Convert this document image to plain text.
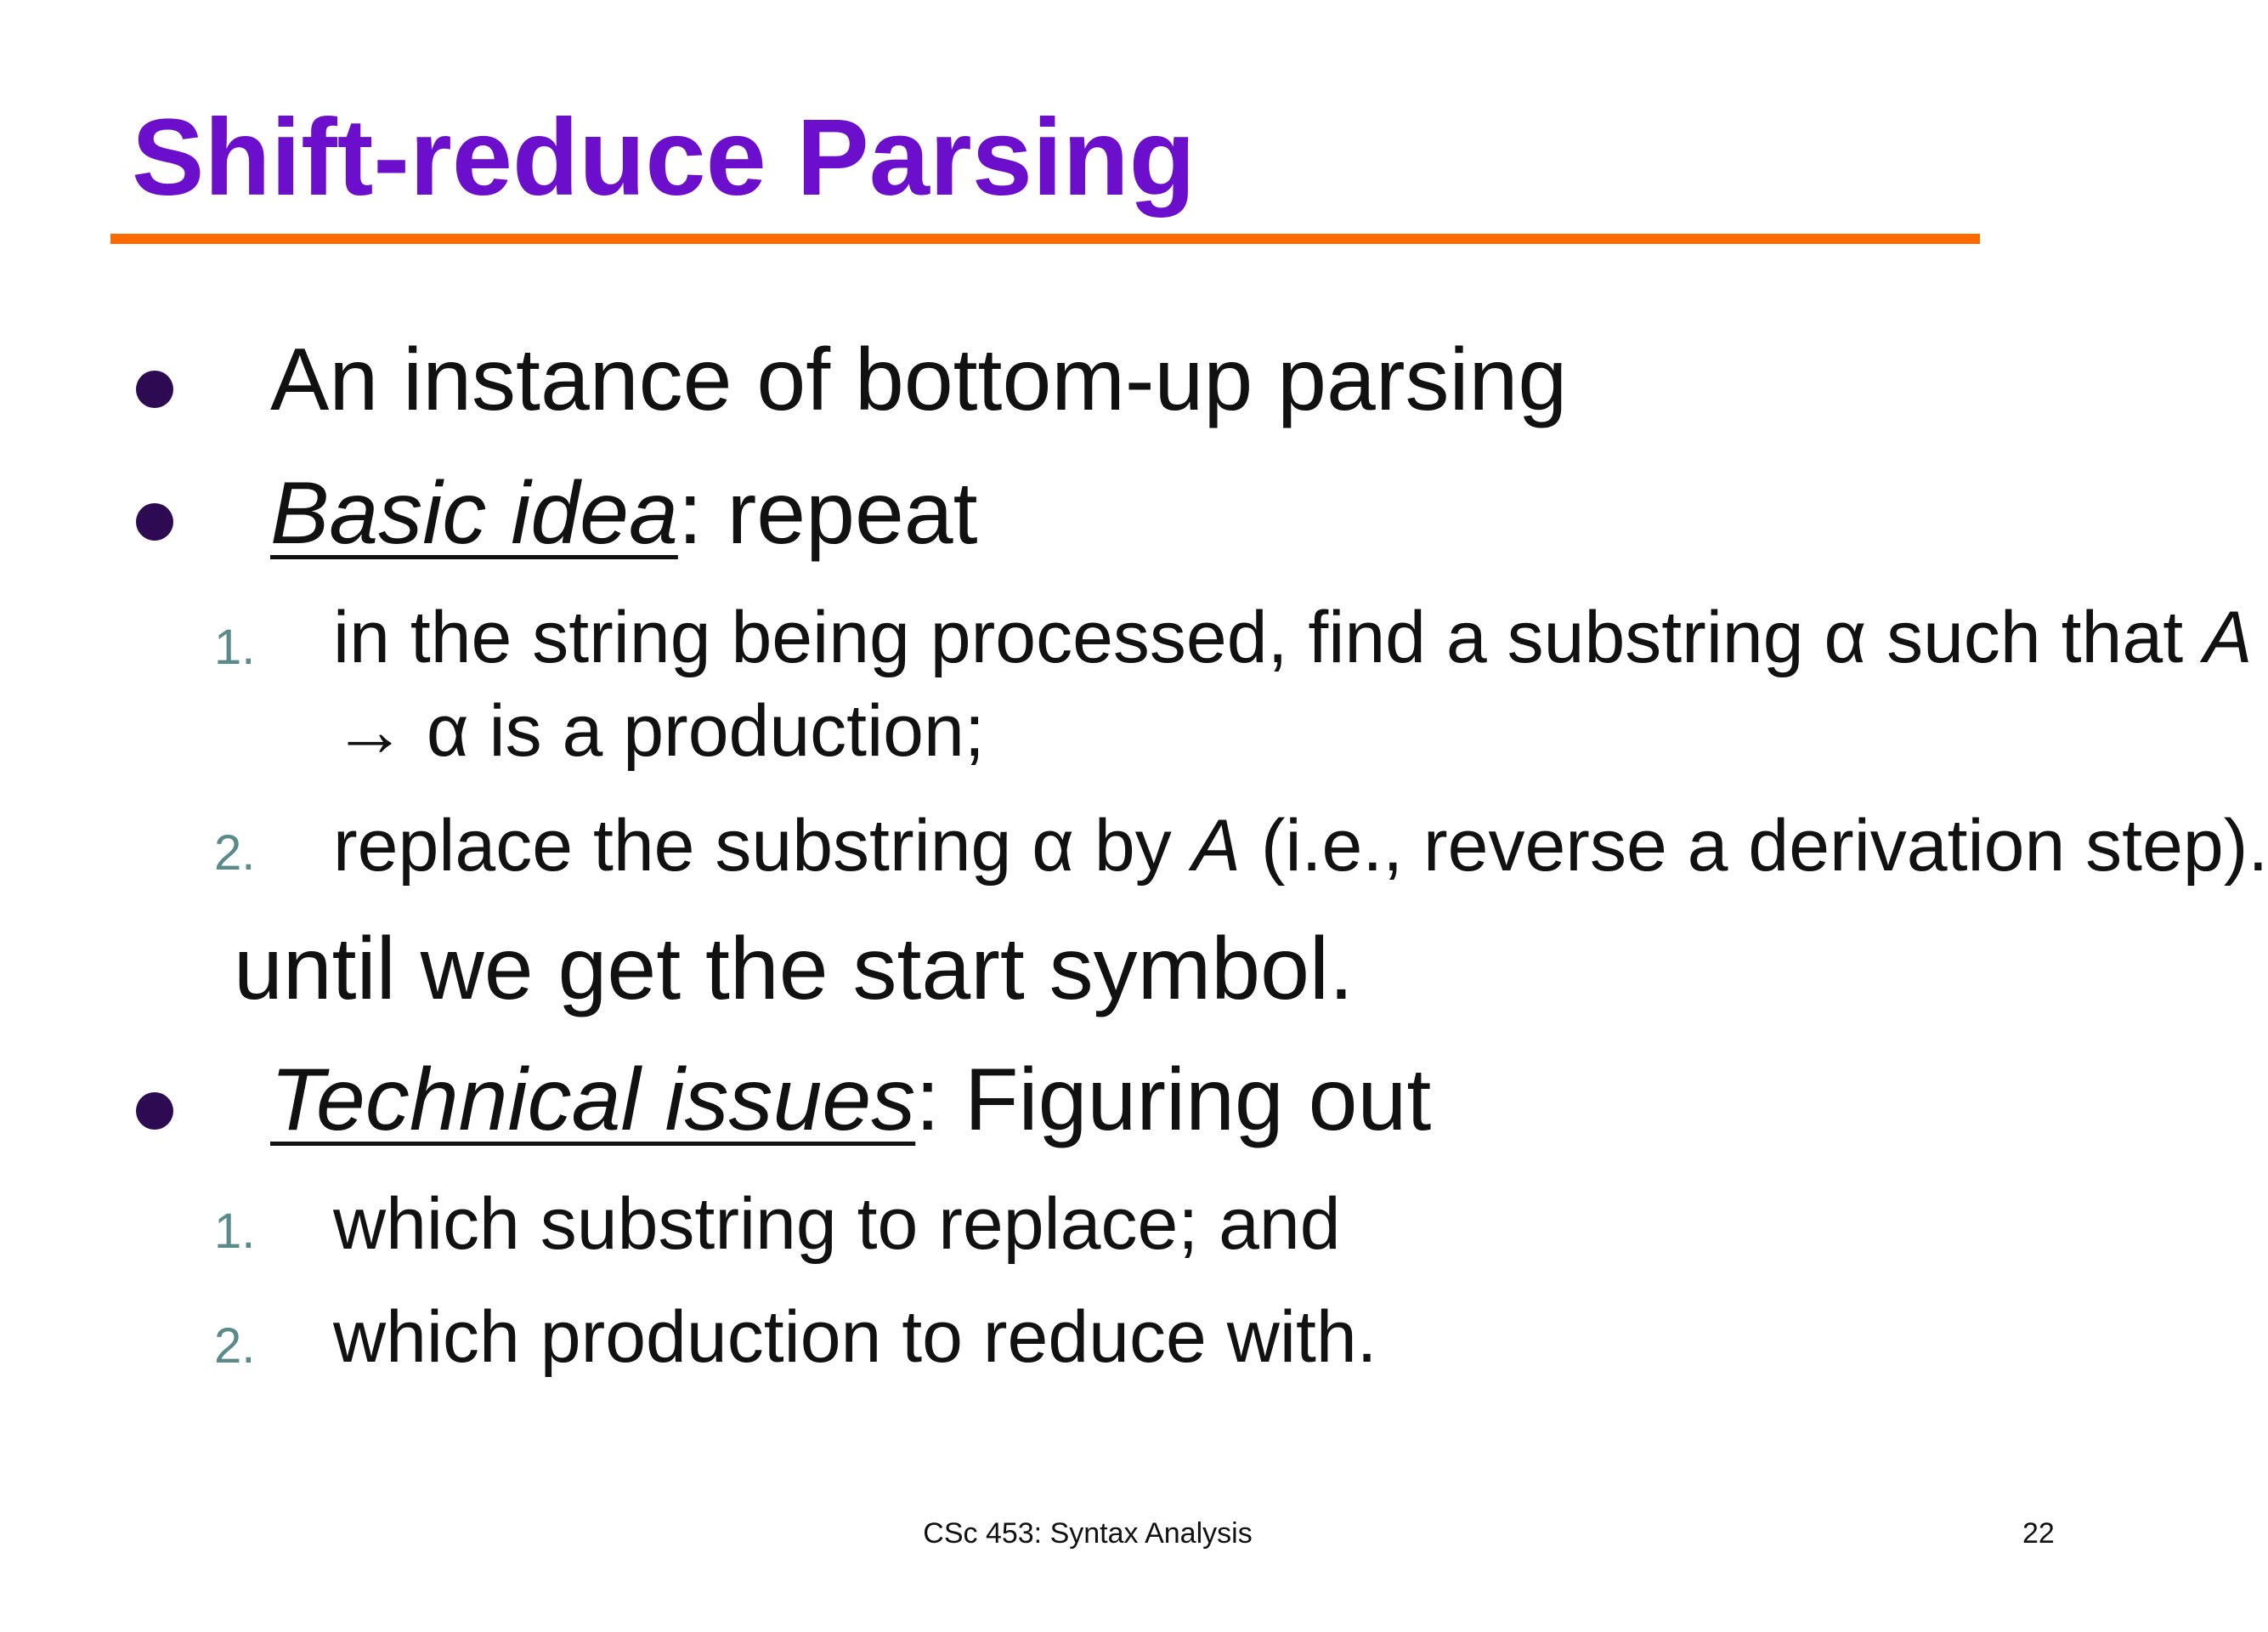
Shift-reduce Parsing
An instance of bottom-up parsing
Basic idea: repeat
1. in the string being processed, find a substring α such that A
→ α is a production;
2. replace the substring α by A (i.e., reverse a derivation step).
until we get the start symbol.
Technical issues: Figuring out
1. which substring to replace; and
2. which production to reduce with.
CSc 453: Syntax Analysis	22
